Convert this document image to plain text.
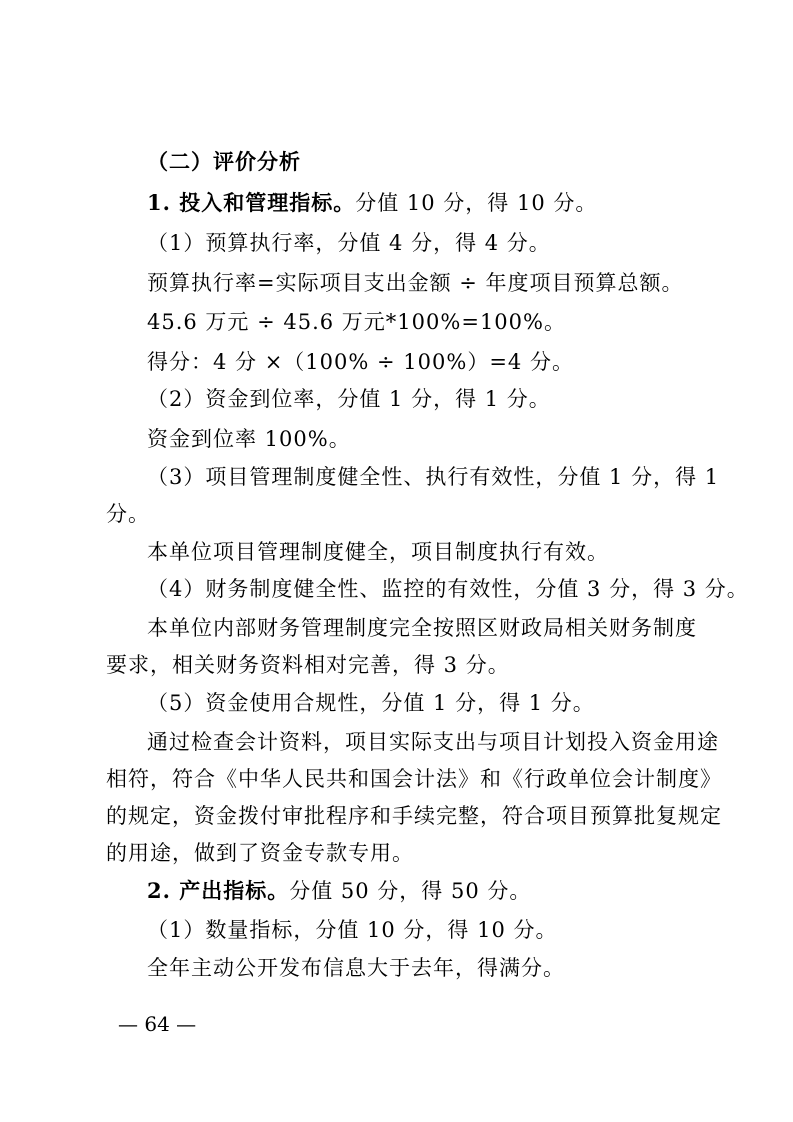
（二）评价分析
1. 投入和管理指标。分值 10 分，得 10 分。
（1）预算执行率，分值 4 分，得 4 分。
预算执行率=实际项目支出金额 ÷ 年度项目预算总额。
45.6 万元 ÷ 45.6 万元*100%=100%。
得分：4 分 ×（100% ÷ 100%）=4 分。
（2）资金到位率，分值 1 分，得 1 分。
资金到位率 100%。
（3）项目管理制度健全性、执行有效性，分值 1 分，得 1
分。
本单位项目管理制度健全，项目制度执行有效。
（4）财务制度健全性、监控的有效性，分值 3 分，得 3 分。
本单位内部财务管理制度完全按照区财政局相关财务制度
要求，相关财务资料相对完善，得 3 分。
（5）资金使用合规性，分值 1 分，得 1 分。
通过检查会计资料，项目实际支出与项目计划投入资金用途
相符，符合《中华人民共和国会计法》和《行政单位会计制度》
的规定，资金拨付审批程序和手续完整，符合项目预算批复规定
的用途，做到了资金专款专用。
2. 产出指标。分值 50 分，得 50 分。
（1）数量指标，分值 10 分，得 10 分。
全年主动公开发布信息大于去年，得满分。
— 64 —
